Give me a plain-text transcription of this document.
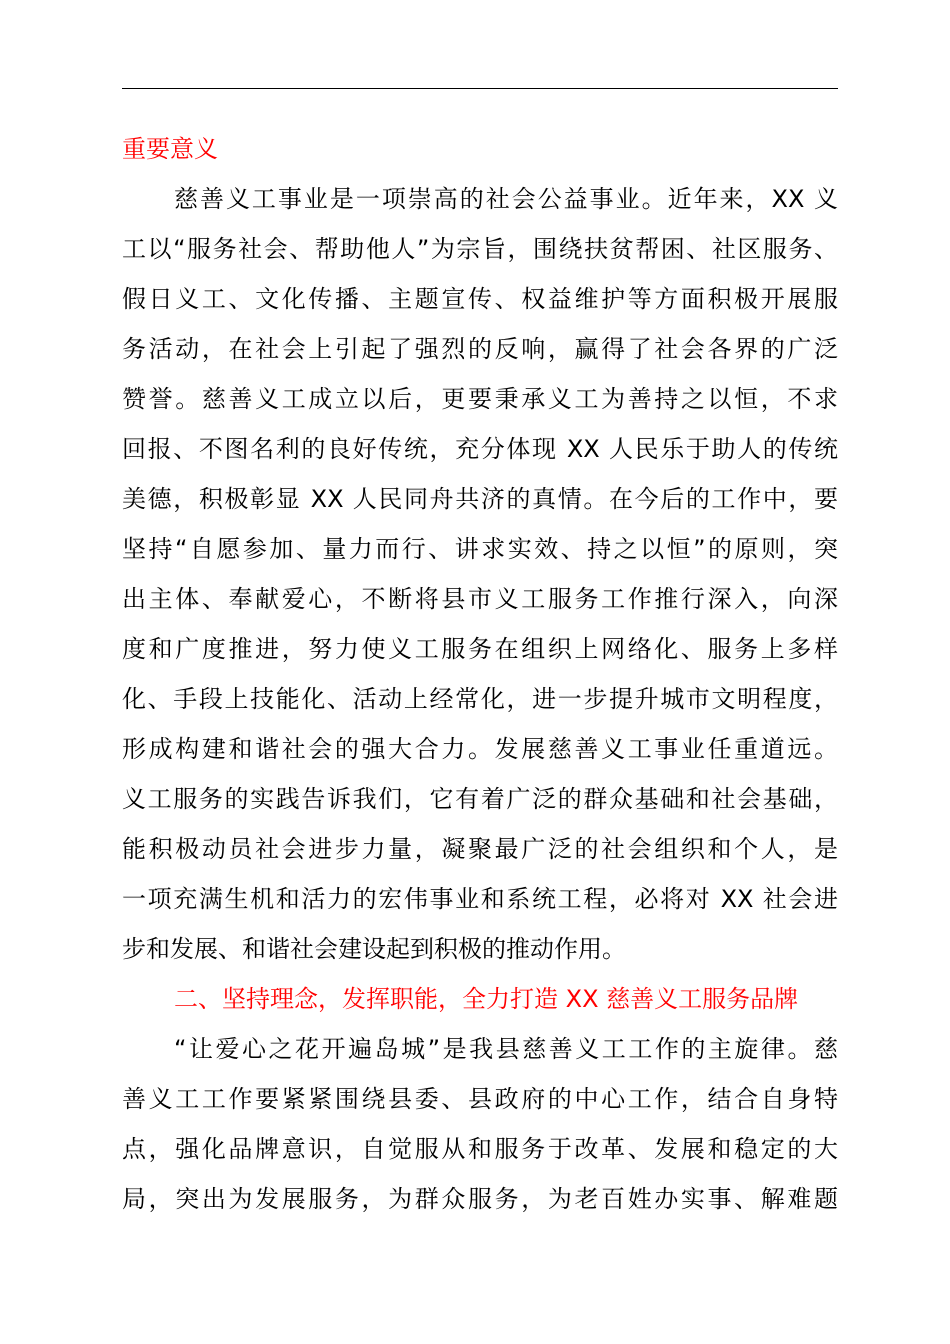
重要意义
慈善义工事业是一项崇高的社会公益事业。近年来，XX 义
工以“服务社会、帮助他人”为宗旨，围绕扶贫帮困、社区服务、
假日义工、文化传播、主题宣传、权益维护等方面积极开展服
务活动，在社会上引起了强烈的反响，赢得了社会各界的广泛
赞誉。慈善义工成立以后，更要秉承义工为善持之以恒，不求
回报、不图名利的良好传统，充分体现 XX 人民乐于助人的传统
美德，积极彰显 XX 人民同舟共济的真情。在今后的工作中，要
坚持“自愿参加、量力而行、讲求实效、持之以恒”的原则，突
出主体、奉献爱心，不断将县市义工服务工作推行深入，向深
度和广度推进，努力使义工服务在组织上网络化、服务上多样
化、手段上技能化、活动上经常化，进一步提升城市文明程度，
形成构建和谐社会的强大合力。发展慈善义工事业任重道远。
义工服务的实践告诉我们，它有着广泛的群众基础和社会基础，
能积极动员社会进步力量，凝聚最广泛的社会组织和个人，是
一项充满生机和活力的宏伟事业和系统工程，必将对 XX 社会进
步和发展、和谐社会建设起到积极的推动作用。
二、坚持理念，发挥职能，全力打造 XX 慈善义工服务品牌
“让爱心之花开遍岛城”是我县慈善义工工作的主旋律。慈
善义工工作要紧紧围绕县委、县政府的中心工作，结合自身特
点，强化品牌意识，自觉服从和服务于改革、发展和稳定的大
局，突出为发展服务，为群众服务，为老百姓办实事、解难题
